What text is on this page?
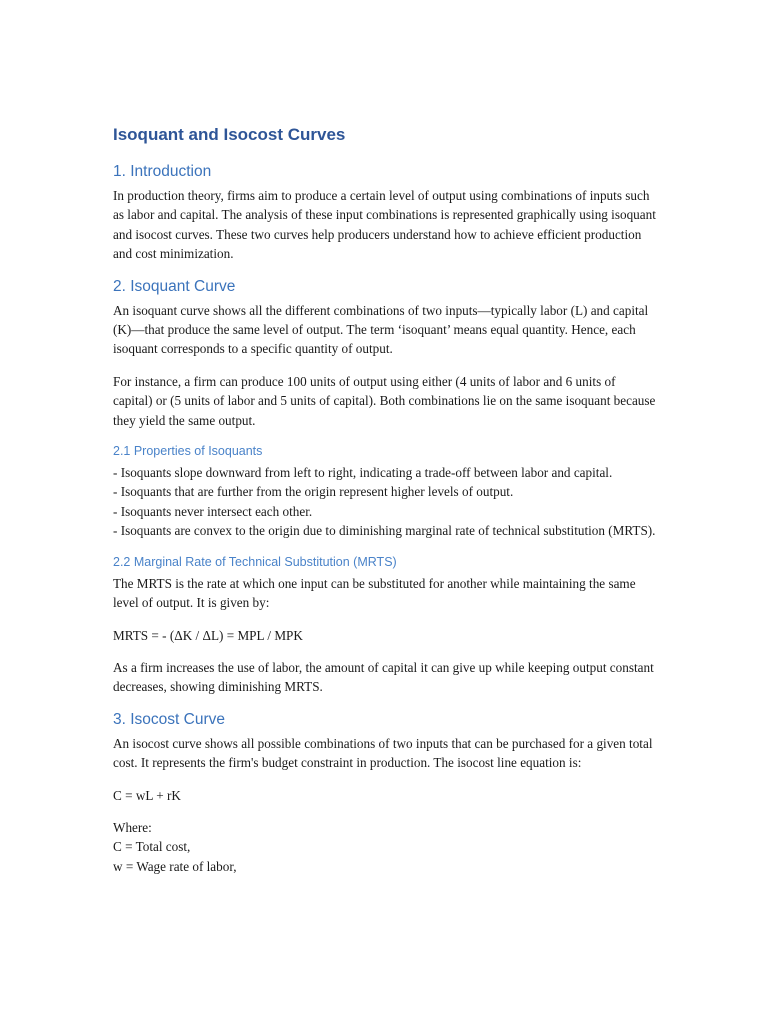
Isoquant and Isocost Curves
1. Introduction
In production theory, firms aim to produce a certain level of output using combinations of inputs such as labor and capital. The analysis of these input combinations is represented graphically using isoquant and isocost curves. These two curves help producers understand how to achieve efficient production and cost minimization.
2. Isoquant Curve
An isoquant curve shows all the different combinations of two inputs—typically labor (L) and capital (K)—that produce the same level of output. The term ‘isoquant’ means equal quantity. Hence, each isoquant corresponds to a specific quantity of output.
For instance, a firm can produce 100 units of output using either (4 units of labor and 6 units of capital) or (5 units of labor and 5 units of capital). Both combinations lie on the same isoquant because they yield the same output.
2.1 Properties of Isoquants
- Isoquants slope downward from left to right, indicating a trade-off between labor and capital.
- Isoquants that are further from the origin represent higher levels of output.
- Isoquants never intersect each other.
- Isoquants are convex to the origin due to diminishing marginal rate of technical substitution (MRTS).
2.2 Marginal Rate of Technical Substitution (MRTS)
The MRTS is the rate at which one input can be substituted for another while maintaining the same level of output. It is given by:
MRTS = - (ΔK / ΔL) = MPL / MPK
As a firm increases the use of labor, the amount of capital it can give up while keeping output constant decreases, showing diminishing MRTS.
3. Isocost Curve
An isocost curve shows all possible combinations of two inputs that can be purchased for a given total cost. It represents the firm's budget constraint in production. The isocost line equation is:
C = wL + rK
Where:
C = Total cost,
w = Wage rate of labor,
